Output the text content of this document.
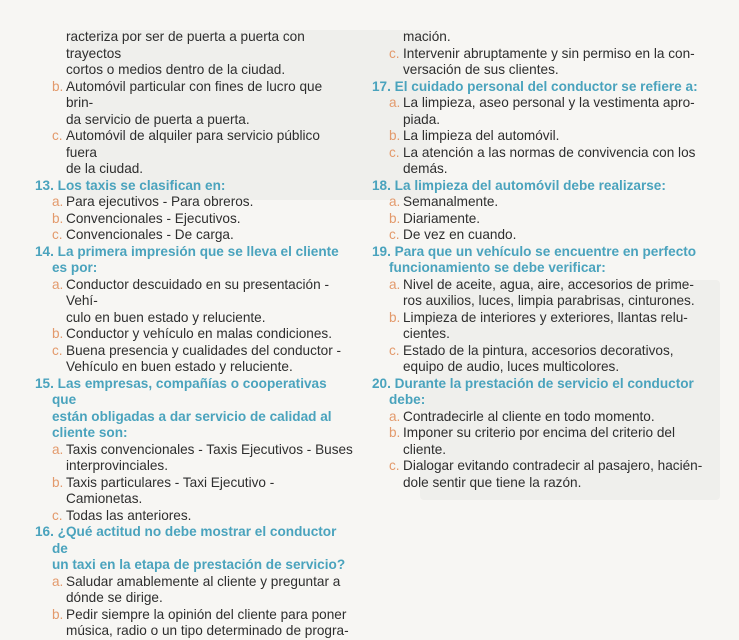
racteriza por ser de puerta a puerta con trayectos
cortos o medios dentro de la ciudad.
b. Automóvil particular con fines de lucro que brin-
da servicio de puerta a puerta.
c. Automóvil de alquiler para servicio público fuera
de la ciudad.
13. Los taxis se clasifican en:
a. Para ejecutivos - Para obreros.
b. Convencionales - Ejecutivos.
c. Convencionales - De carga.
14. La primera impresión que se lleva el cliente es por:
a. Conductor descuidado en su presentación - Vehí-
culo en buen estado y reluciente.
b. Conductor y vehículo en malas condiciones.
c. Buena presencia y cualidades del conductor -
Vehículo en buen estado y reluciente.
15. Las empresas, compañías o cooperativas que
están obligadas a dar servicio de calidad al
cliente son:
a. Taxis convencionales - Taxis Ejecutivos - Buses
interprovinciales.
b. Taxis particulares - Taxi Ejecutivo - Camionetas.
c. Todas las anteriores.
16. ¿Qué actitud no debe mostrar el conductor de
un taxi en la etapa de prestación de servicio?
a. Saludar amablemente al cliente y preguntar a
dónde se dirige.
b. Pedir siempre la opinión del cliente para poner
música, radio o un tipo determinado de progra-
mación.
c. Intervenir abruptamente y sin permiso en la con-
versación de sus clientes.
17. El cuidado personal del conductor se refiere a:
a. La limpieza, aseo personal y la vestimenta apro-
piada.
b. La limpieza del automóvil.
c. La atención a las normas de convivencia con los
demás.
18. La limpieza del automóvil debe realizarse:
a. Semanalmente.
b. Diariamente.
c. De vez en cuando.
19. Para que un vehículo se encuentre en perfecto
funcionamiento se debe verificar:
a. Nivel de aceite, agua, aire, accesorios de prime-
ros auxilios, luces, limpia parabrisas, cinturones.
b. Limpieza de interiores y exteriores, llantas relu-
cientes.
c. Estado de la pintura, accesorios decorativos,
equipo de audio, luces multicolores.
20. Durante la prestación de servicio el conductor
debe:
a. Contradecirle al cliente en todo momento.
b. Imponer su criterio por encima del criterio del
cliente.
c. Dialogar evitando contradecir al pasajero, hacién-
dole sentir que tiene la razón.
